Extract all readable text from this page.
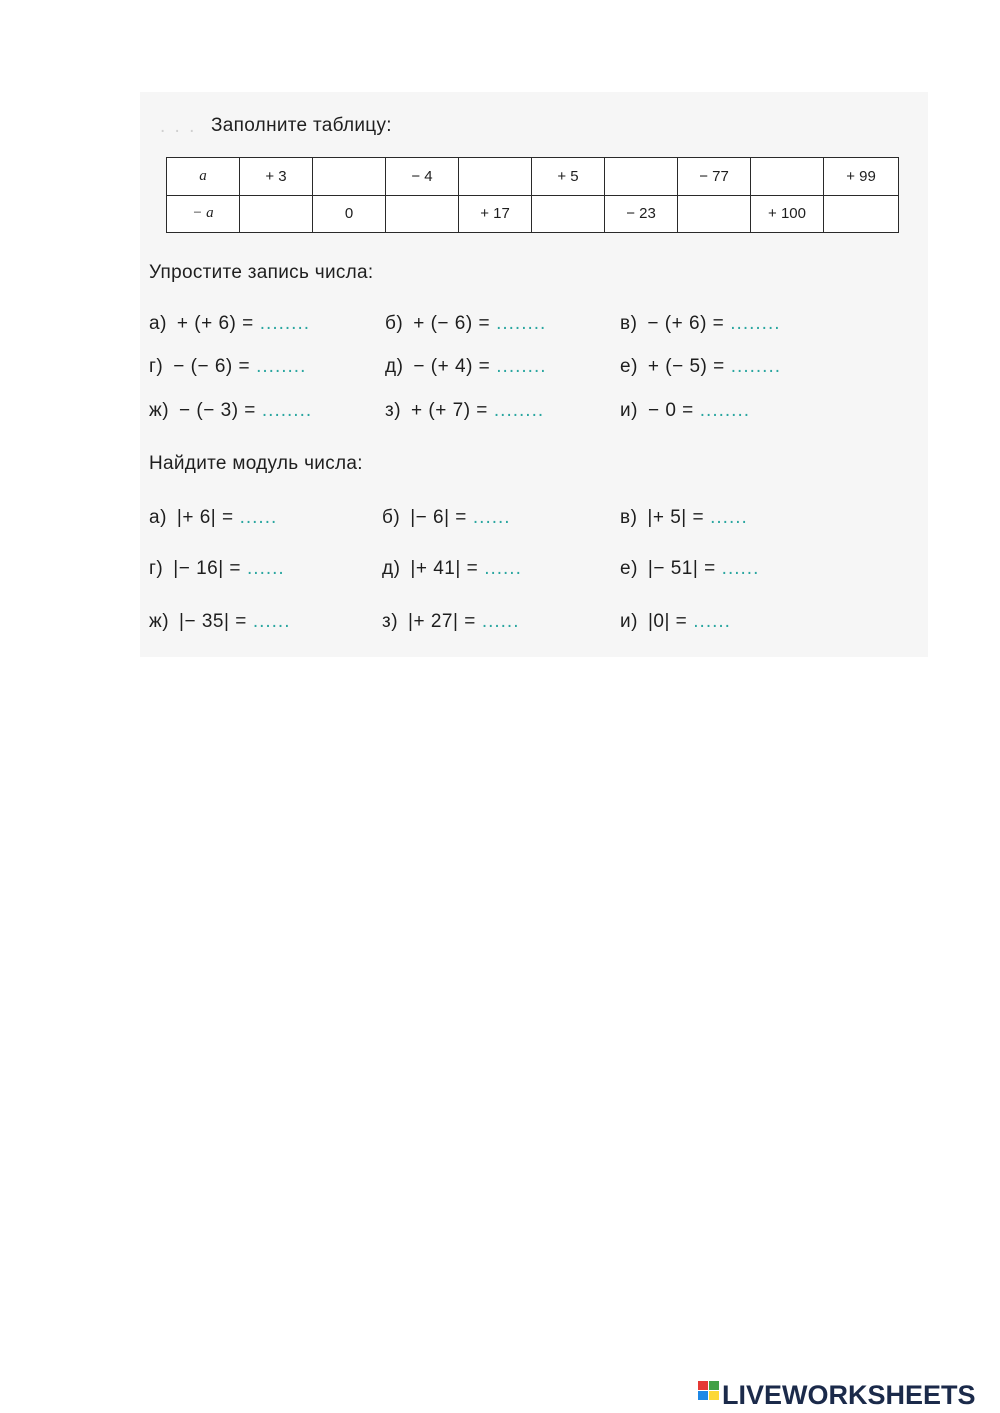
. . . Заполните таблицу:
a	+ 3		− 4		+ 5		− 77		+ 99
− a		0		+ 17		− 23		+ 100	
Упростите запись числа:
а) + (+ 6) = ........	б) + (− 6) = ........	в) − (+ 6) = ........
г) − (− 6) = ........	д) − (+ 4) = ........	е) + (− 5) = ........
ж) − (− 3) = ........	з) + (+ 7) = ........	и) − 0 = ........
Найдите модуль числа:
а) |+ 6| = ......	б) |− 6| = ......	в) |+ 5| = ......
г) |− 16| = ......	д) |+ 41| = ......	е) |− 51| = ......
ж) |− 35| = ......	з) |+ 27| = ......	и) |0| = ......
LIVEWORKSHEETS
